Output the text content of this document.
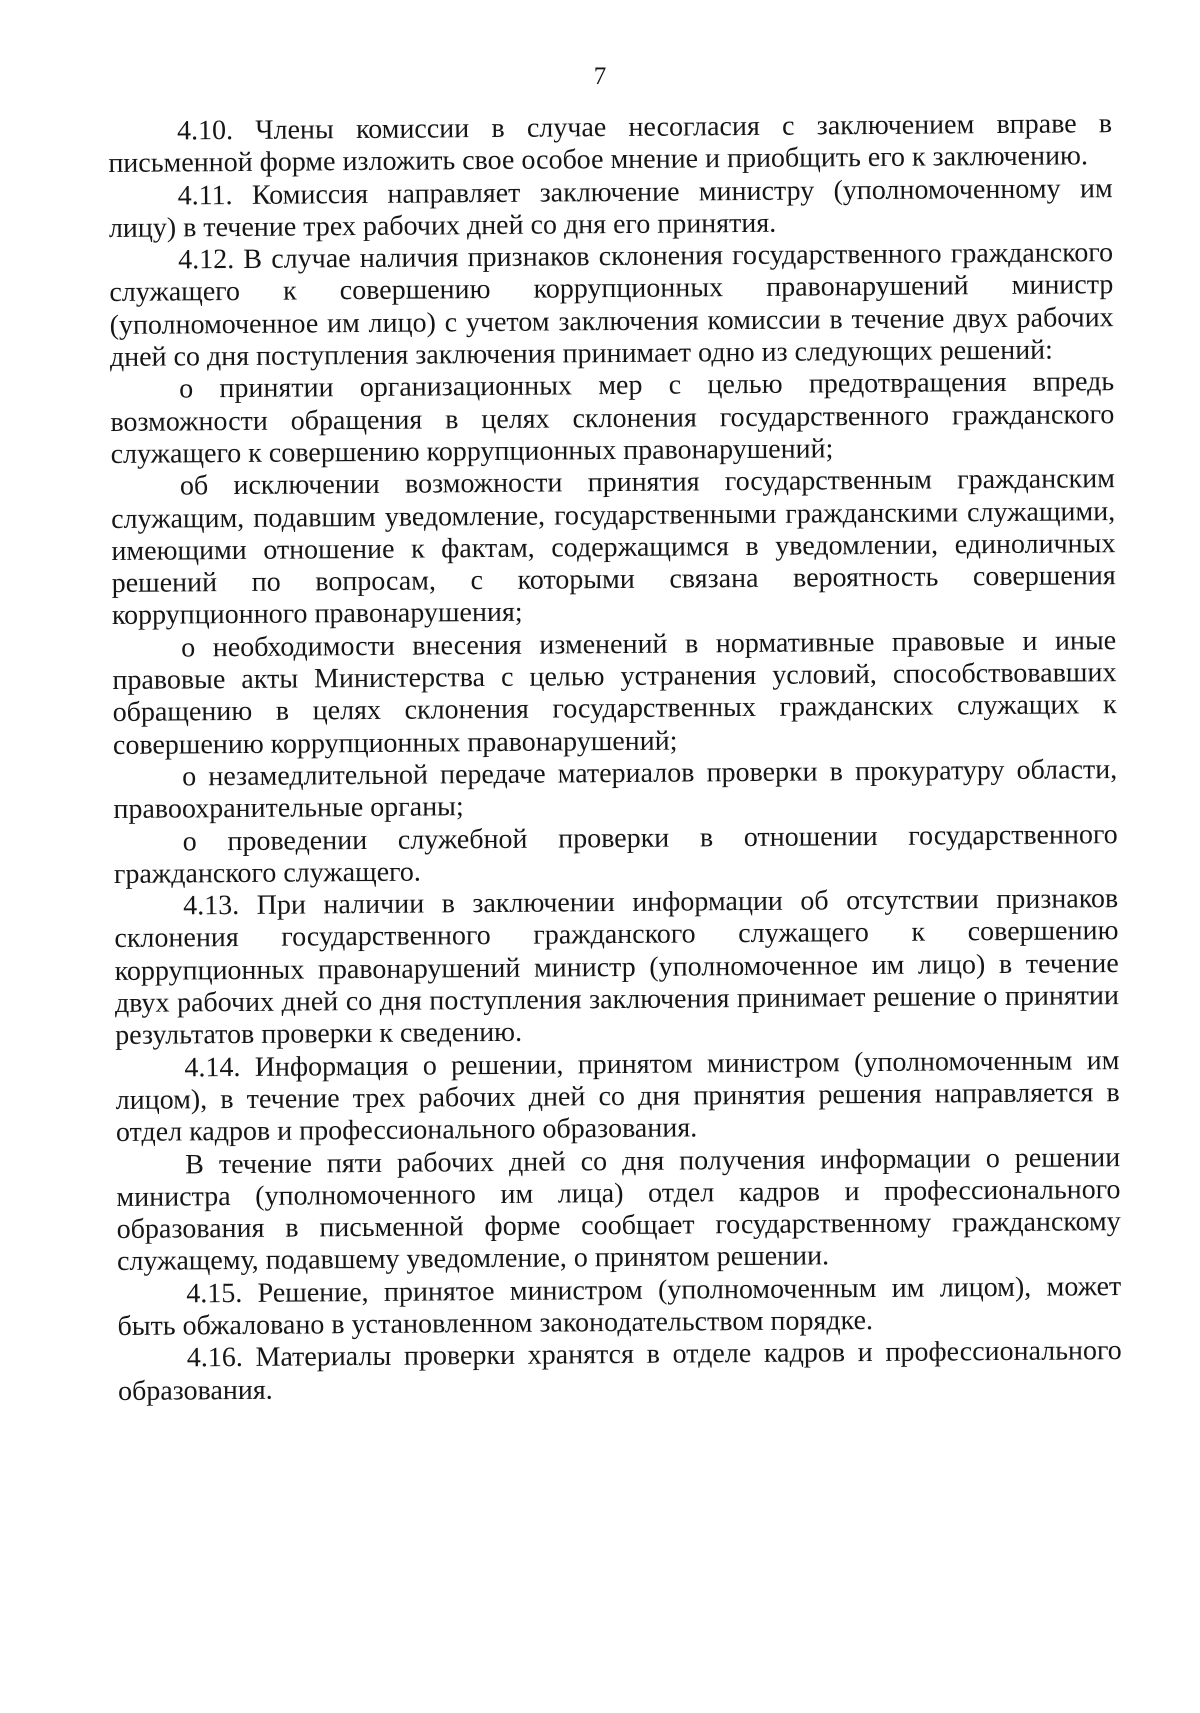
7

4.10. Члены комиссии в случае несогласия с заключением вправе в письменной форме изложить свое особое мнение и приобщить его к заключению.

4.11. Комиссия направляет заключение министру (уполномоченному им лицу) в течение трех рабочих дней со дня его принятия.

4.12. В случае наличия признаков склонения государственного гражданского служащего к совершению коррупционных правонарушений министр (уполномоченное им лицо) с учетом заключения комиссии в течение двух рабочих дней со дня поступления заключения принимает одно из следующих решений:

о принятии организационных мер с целью предотвращения впредь возможности обращения в целях склонения государственного гражданского служащего к совершению коррупционных правонарушений;

об исключении возможности принятия государственным гражданским служащим, подавшим уведомление, государственными гражданскими служащими, имеющими отношение к фактам, содержащимся в уведомлении, единоличных решений по вопросам, с которыми связана вероятность совершения коррупционного правонарушения;

о необходимости внесения изменений в нормативные правовые и иные правовые акты Министерства с целью устранения условий, способствовавших обращению в целях склонения государственных гражданских служащих к совершению коррупционных правонарушений;

о незамедлительной передаче материалов проверки в прокуратуру области, правоохранительные органы;

о проведении служебной проверки в отношении государственного гражданского служащего.

4.13. При наличии в заключении информации об отсутствии признаков склонения государственного гражданского служащего к совершению коррупционных правонарушений министр (уполномоченное им лицо) в течение двух рабочих дней со дня поступления заключения принимает решение о принятии результатов проверки к сведению.

4.14. Информация о решении, принятом министром (уполномоченным им лицом), в течение трех рабочих дней со дня принятия решения направляется в отдел кадров и профессионального образования.

В течение пяти рабочих дней со дня получения информации о решении министра (уполномоченного им лица) отдел кадров и профессионального образования в письменной форме сообщает государственному гражданскому служащему, подавшему уведомление, о принятом решении.

4.15. Решение, принятое министром (уполномоченным им лицом), может быть обжаловано в установленном законодательством порядке.

4.16. Материалы проверки хранятся в отделе кадров и профессионального образования.
